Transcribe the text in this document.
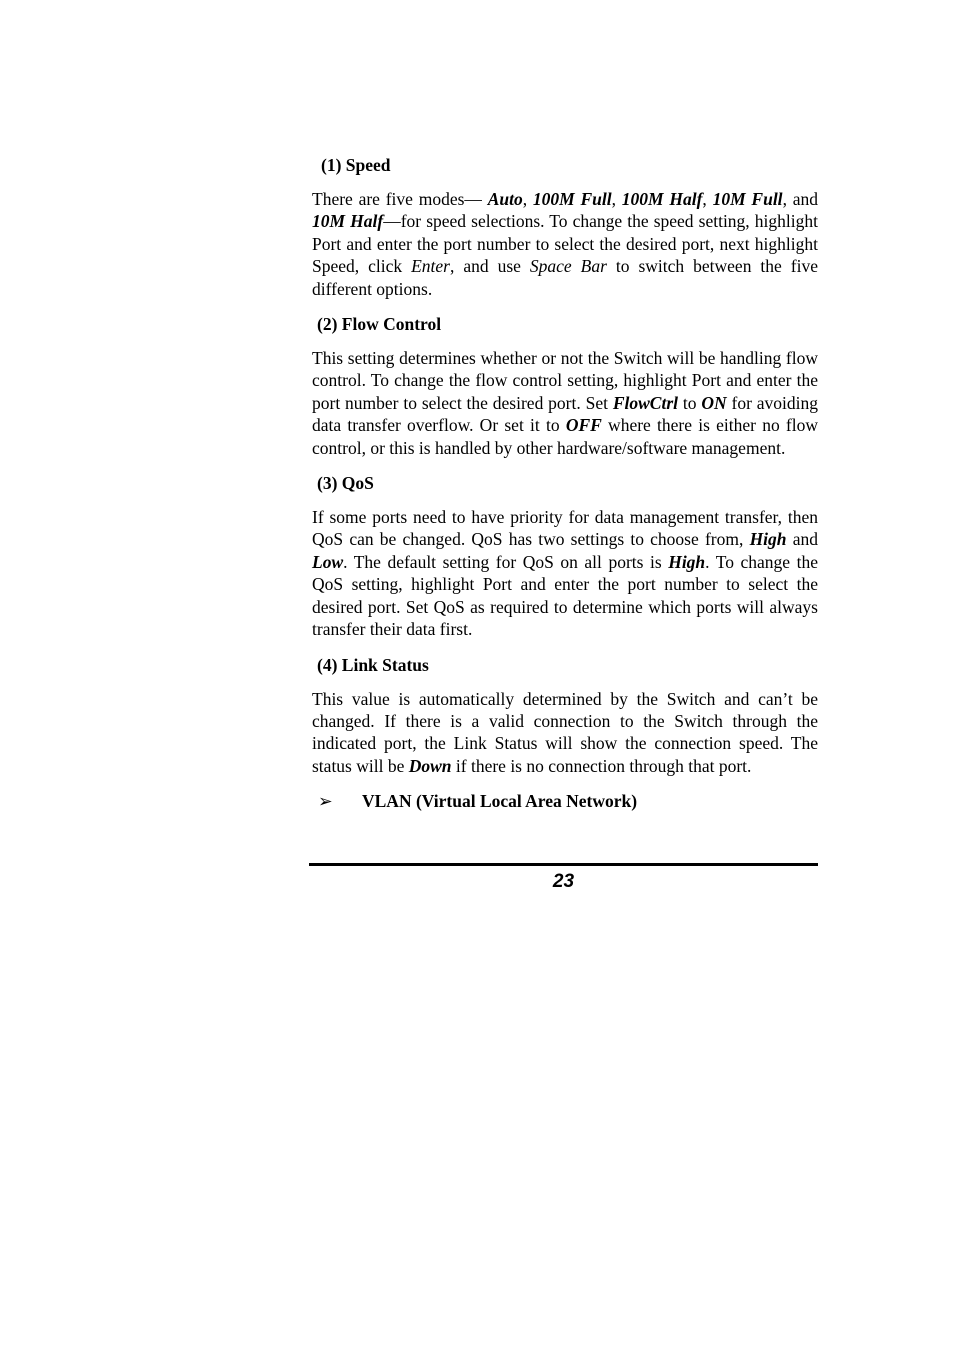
(1) Speed

There are five modes— Auto, 100M Full, 100M Half, 10M Full, and 10M Half—for speed selections. To change the speed setting, highlight Port and enter the port number to select the desired port, next highlight Speed, click Enter, and use Space Bar to switch between the five different options.

(2) Flow Control

This setting determines whether or not the Switch will be handling flow control. To change the flow control setting, highlight Port and enter the port number to select the desired port. Set FlowCtrl to ON for avoiding data transfer overflow. Or set it to OFF where there is either no flow control, or this is handled by other hardware/software management.

(3) QoS

If some ports need to have priority for data management transfer, then QoS can be changed. QoS has two settings to choose from, High and Low. The default setting for QoS on all ports is High. To change the QoS setting, highlight Port and enter the port number to select the desired port. Set QoS as required to determine which ports will always transfer their data first.

(4) Link Status

This value is automatically determined by the Switch and can’t be changed. If there is a valid connection to the Switch through the indicated port, the Link Status will show the connection speed. The status will be Down if there is no connection through that port.

➢	VLAN (Virtual Local Area Network)
23
